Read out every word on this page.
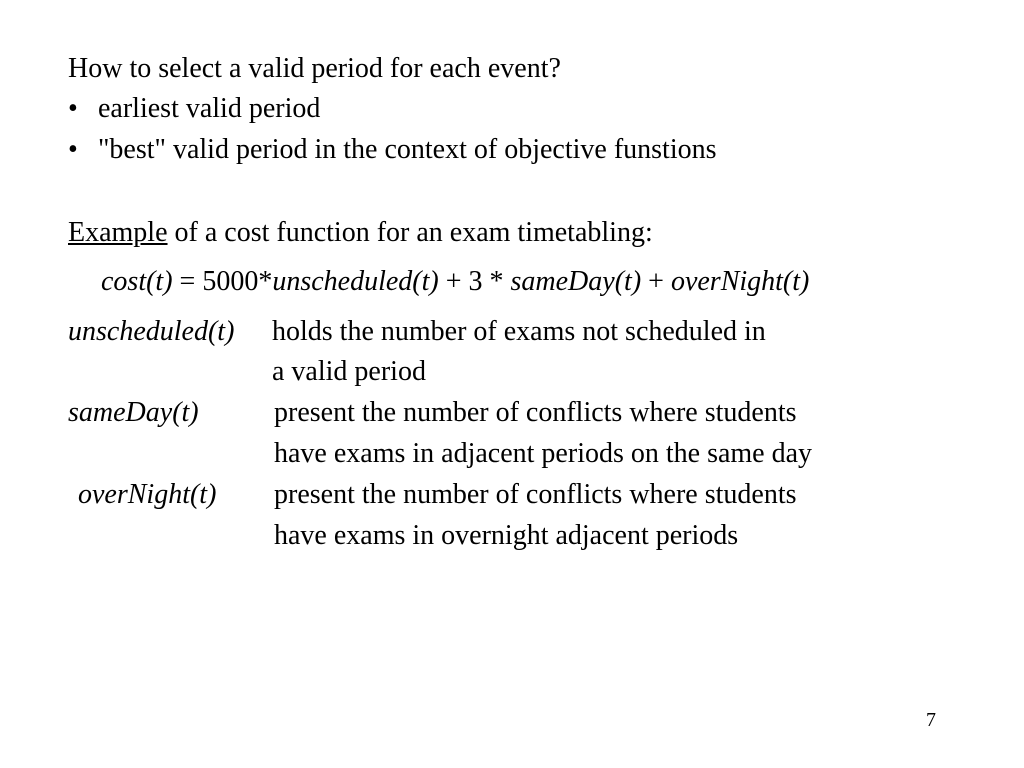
How to select a valid period for each event?
• earliest valid period
• "best" valid period in the context of objective funstions
Example of a cost function for an exam timetabling:
cost(t) = 5000*unscheduled(t) + 3 * sameDay(t) + overNight(t)
unscheduled(t) holds the number of exams not scheduled in
a valid period
sameDay(t)	present the number of conflicts where students
have exams in adjacent periods on the same day
overNight(t) present the number of conflicts where students
have exams in overnight adjacent periods
7
